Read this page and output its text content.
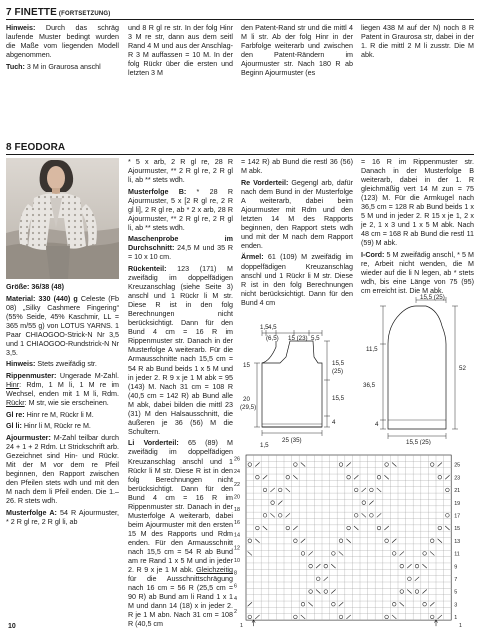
7 FINETTE (FORTSETZUNG)

Hinweis: Durch das schräg laufende Muster bedingt wurden die Maße vom liegenden Modell abgenommen.

Tuch: 3 M in Graurosa anschl

und 8 R gl re str. In der folg Hinr 3 M re str, dann aus dem seitl Rand 4 M und aus der Anschlag-R 3 M auffassen = 10 M. In der folg Rückr über die ersten und letzten 3 M

den Patent-Rand str und die mittl 4 M li str. Ab der folg Hinr in der Farbfolge weiterarb und zwischen den Patent-Rändern im Ajourmuster str. Nach 180 R ab Beginn Ajourmuster (es

liegen 438 M auf der N) noch 8 R Patent in Graurosa str, dabei in der 1. R die mittl 2 M li zusstr. Die M abk.

8 FEODORA

Größe: 36/38 (48)

Material: 330 (440) g Celeste (Fb 08) „Silky Cashmere Fingering“ (55% Seide, 45% Kaschmir, LL = 365 m/55 g) von LOTUS YARNS. 1 Paar CHIAOGOO-Strick-N Nr 3,5 und 1 CHIAOGOO-Rundstrick-N Nr 3,5.

Hinweis: Stets zweifädig str.

Rippenmuster: Ungerade M-Zahl. Hinr: Rdm, 1 M li, 1 M re im Wechsel, enden mit 1 M li, Rdm. Rückr: M str, wie sie erscheinen.

Gl re: Hinr re M, Rückr li M.

Gl li: Hinr li M, Rückr re M.

Ajourmuster: M-Zahl teilbar durch 24 + 1 + 2 Rdm. Lt Strickschrift arb. Gezeichnet sind Hin- und Rückr. Mit der M vor dem re Pfeil beginnen, den Rapport zwischen den Pfeilen stets wdh und mit den M nach dem li Pfeil enden. Die 1.–26. R stets wdh.

Musterfolge A: 54 R Ajourmuster, * 2 R gl re, 2 R gl li, ab

* 5 x arb, 2 R gl re, 28 R Ajourmuster, ** 2 R gl re, 2 R gl li, ab ** stets wdh.

Musterfolge B: * 28 R Ajourmuster, 5 x [2 R gl re, 2 R gl li], 2 R gl re, ab * 2 x arb, 28 R Ajourmuster, ** 2 R gl re, 2 R gl li, ab ** stets wdh.

Maschenprobe im Durchschnitt: 24,5 M und 35 R = 10 x 10 cm.

Rückenteil: 123 (171) M zweifädig im doppelfädigen Kreuzanschlag (siehe Seite 3) anschl und 1 Rückr li M str. Diese R ist in den folg Berechnungen nicht berücksichtigt. Dann für den Bund 4 cm = 16 R im Rippenmuster str. Danach in der Musterfolge A weiterarb. Für die Armausschnitte nach 15,5 cm = 54 R ab Bund beids 1 x 5 M und in jeder 2. R 9 x je 1 M abk = 95 (143) M. Nach 31 cm = 108 R (40,5 cm = 142 R) ab Bund alle M abk, dabei bilden die mittl 23 (31) M den Halsausschnitt, die äußeren je 36 (56) M die Schultern.

Li Vorderteil: 65 (89) M zweifädig im doppelfädigen Kreuzanschlag anschl und 1 Rückr li M str. Diese R ist in den folg Berechnungen nicht berücksichtigt. Dann für den Bund 4 cm = 16 R im Rippenmuster str. Danach in der Musterfolge A weiterarb, dabei beim Ajourmuster mit den ersten 15 M des Rapports und Rdm enden. Für den Armausschnitt nach 15,5 cm = 54 R ab Bund am re Rand 1 x 5 M und in jeder 2. R 9 x je 1 M abk. Gleichzeitig für die Ausschnittschrägung nach 16 cm = 56 R (25,5 cm = 90 R) ab Bund am li Rand 1 x 1 M und dann 14 (18) x in jeder 2. R je 1 M abn. Nach 31 cm = 108 R (40,5 cm

= 142 R) ab Bund die restl 36 (56) M abk.

Re Vorderteil: Gegengl arb, dafür nach dem Bund in der Musterfolge A weiterarb, dabei beim Ajourmuster mit Rdm und den letzten 14 M des Rapports beginnen, den Rapport stets wdh und mit der M nach dem Rapport enden.

Ärmel: 61 (109) M zweifädig im doppelfädigen Kreuzanschlag anschl und 1 Rückr li M str. Diese R ist in den folg Berechnungen nicht berücksichtigt. Dann für den Bund 4 cm

= 16 R im Rippenmuster str. Danach in der Musterfolge B weiterarb, dabei in der 1. R gleichmäßig vert 14 M zun = 75 (123) M. Für die Armkugel nach 36,5 cm = 128 R ab Bund beids 1 x 5 M und in jeder 2. R 15 x je 1, 2 x je 2, 1 x 3 und 1 x 5 M abk. Nach 48 cm = 168 R ab Bund die restl 11 (59) M abk.

I-Cord: 5 M zweifädig anschl, * 5 M re, Arbeit nicht wenden, die M wieder auf die li N legen, ab * stets wdh, bis eine Länge von 75 (95) cm erreicht ist. Die M abk.

1,5 4,5
(6,5) 15 (23) 5,5
15	15,5
(25)
15,5
20
(29,5)
4
25 (35)
1,5
15,5 (25)
11,5
36,5
52
4
15,5 (25)
26
24
22
20
18
16
14
12
10
8
6
4
2
25
23
21
19
17
15
13
11
9
7
5
3
1
1	1
10
